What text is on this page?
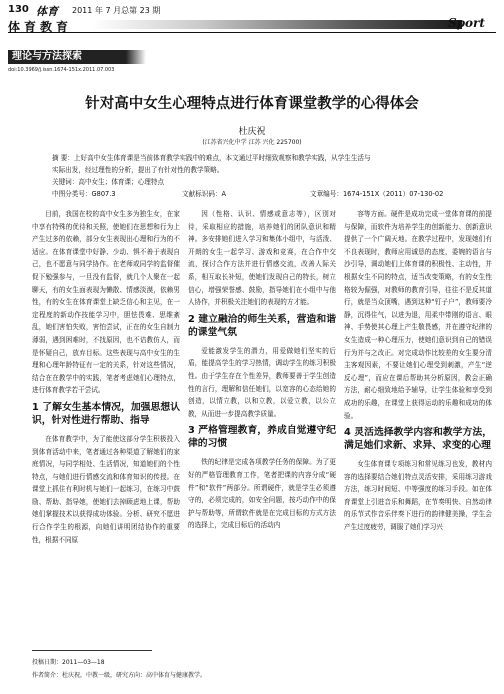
130 体育 2011 年 7 月总第 23 期
体育教育	Sport
理论与方法探索
doi:10.3969/j.issn.1674-151x.2011.07.003
针对高中女生心理特点进行体育课堂教学的心得体会
杜庆祝
(江苏省兴化中学 江苏 兴化 225700)
摘 要：上好高中女生体育课是当前体育教学实践中的难点，本文通过平时细致观察和教学实践，从学生生活与
实际出发，经过理性的分析，提出了有针对性的教学策略。
关键词：高中女生；体育课；心理特点
中图分类号：G807.3	文献标识码：A	文章编号：1674-151X（2011）07-130-02

目前，我国在校的高中女生多为独生女，在家中享有特殊的优待和关照，使她们在思想和行为上产生过多的依赖，部分女生表现出心理和行为的不适应。在体育课堂中好静、少动、惧不善于表现自己，也不愿意与同学协作。在老师或同学的监督催促下勉强参与，一旦没有监督，就几个人聚在一起聊天，有的女生面表现为懒散、情感淡漠，依赖男性，有的女生在体育课堂上缺乏信心和主见，在一定程度的新动作技能学习中，胆怯畏难、思维紊乱，她们害怕失败，害怕尝试，正在的女生自制力薄弱，遇到困难时，不找原因，也不诘教仿人，而是怀疑自己，放弃目标。这些表现与高中女生的生理和心理年龄特征有一定的关系，针对这些情况，结合在在教学中的实践，笔者考虑她们心理特点，进行体育教学若干尝试。

1 了解女生基本情况，加强思想认识，针对性进行帮助、指导

在体育教学中，为了能使这部分学生积极投入到体育活动中来，笔者通过各种渠道了解她们的家庭情况，与同学相处、生活情况，知道她们的个性特点，与她们进行情感交流和体育知识的传授。在课堂上抓住有利时机与她们一起练习，在练习中鼓励、帮助、指导她，使她们去掉顾虑地上课，帮助她们掌握技术以获得成功体验。分析、研究不愿进行合作学生的根源，向她们讲明团结协作的重要性，根据不同原

因（性格、认识、情感或意志等），区别对待，采取相应的措施，培养她们的团队意识和精神。多安排她们进入学习和集体小组中，与活泼、开朗的女生一起学习、游戏和竞赛，在合作中交流，探讨合作方法并进行情感交流，改善人际关系，相互取长补短，使她们发现自己的特长，树立信心，增强荣誉感、鼓励，指导她们在小组中与他人协作，并积极关注她们的表现的方才能。

2 建立融洽的师生关系，营造和谐的课堂气氛

爱能激发学生的潜力，用爱做她们坚实的后盾，能提高学生的学习热情，调动学生的练习积极性。由于学生存在个性差异，教师要善于学生创造性的言行，理解和信任她们，以宽容的心态给她的创造，以情立教，以和立教，以爱立教，以公立教，从而进一步提高教学质量。

3 严格管理教育，养成自觉遵守纪律的习惯

铁的纪律是完成各项教学任务的保障。为了更好的严格管理教育工作，笔者把课的内容分成“硬件”和“软件”两部分。所谓硬件，就是学生必须遵守的，必须完成的，如安全问题，按巧动作中的保护与帮助等，所谓软件就是在完成目标的方式方法的选择上，完成目标后的活动内

容等方面。硬件是成功完成一堂体育课的前提与保障，而软件为培养学生的创新能力、创新意识提供了一个广阔天地。在教学过程中，发现她们有不良表现时，教师应用诚恳的态度，委婉的语言与沙引导，调动她们上体育课的积极性、主动性，并根据女生不同的特点，适当改变策略，有的女生性格较为倔强，对教师的教育引导，往往不是反其道行，就是当众顶嘴，遇到这种“钉子户”，教师要冷静，沉得住气，以进为退，用柔中带刚的语言、眼神、手势使其心理上产生敬畏感，并在遵守纪律的女生造成一种心理压力，使她们意识到自己的错误行为并与之改正。对完成动作比较差的女生要分清主客观因素，不要让她们心理受到刺激，产生“逆反心理”，而应在课后帮助其分析原因，教会正确方法，耐心细致地给予辅导，让学生体验和享受到成功的乐趣，在课堂上获得运动的乐趣和成功的体验。

4 灵活选择教学内容和教学方法，满足她们求新、求异、求变的心理

女生体育课专项练习和常见练习也发，教材内容的选择要结合她们特点灵活安排，采用练习游戏方法，练习时间短、中等强度的练习手段。如在体育课堂上引进音乐和舞蹈，在节奏明快、自然动律的乐节式作音乐伴奏下进行的韵律健美操，学生会产生过度疲劳，调服了她们学习兴

投稿日期：2011—03—18
作者简介：杜庆祝，中教一级，研究方向：高中体育与健康教学。
